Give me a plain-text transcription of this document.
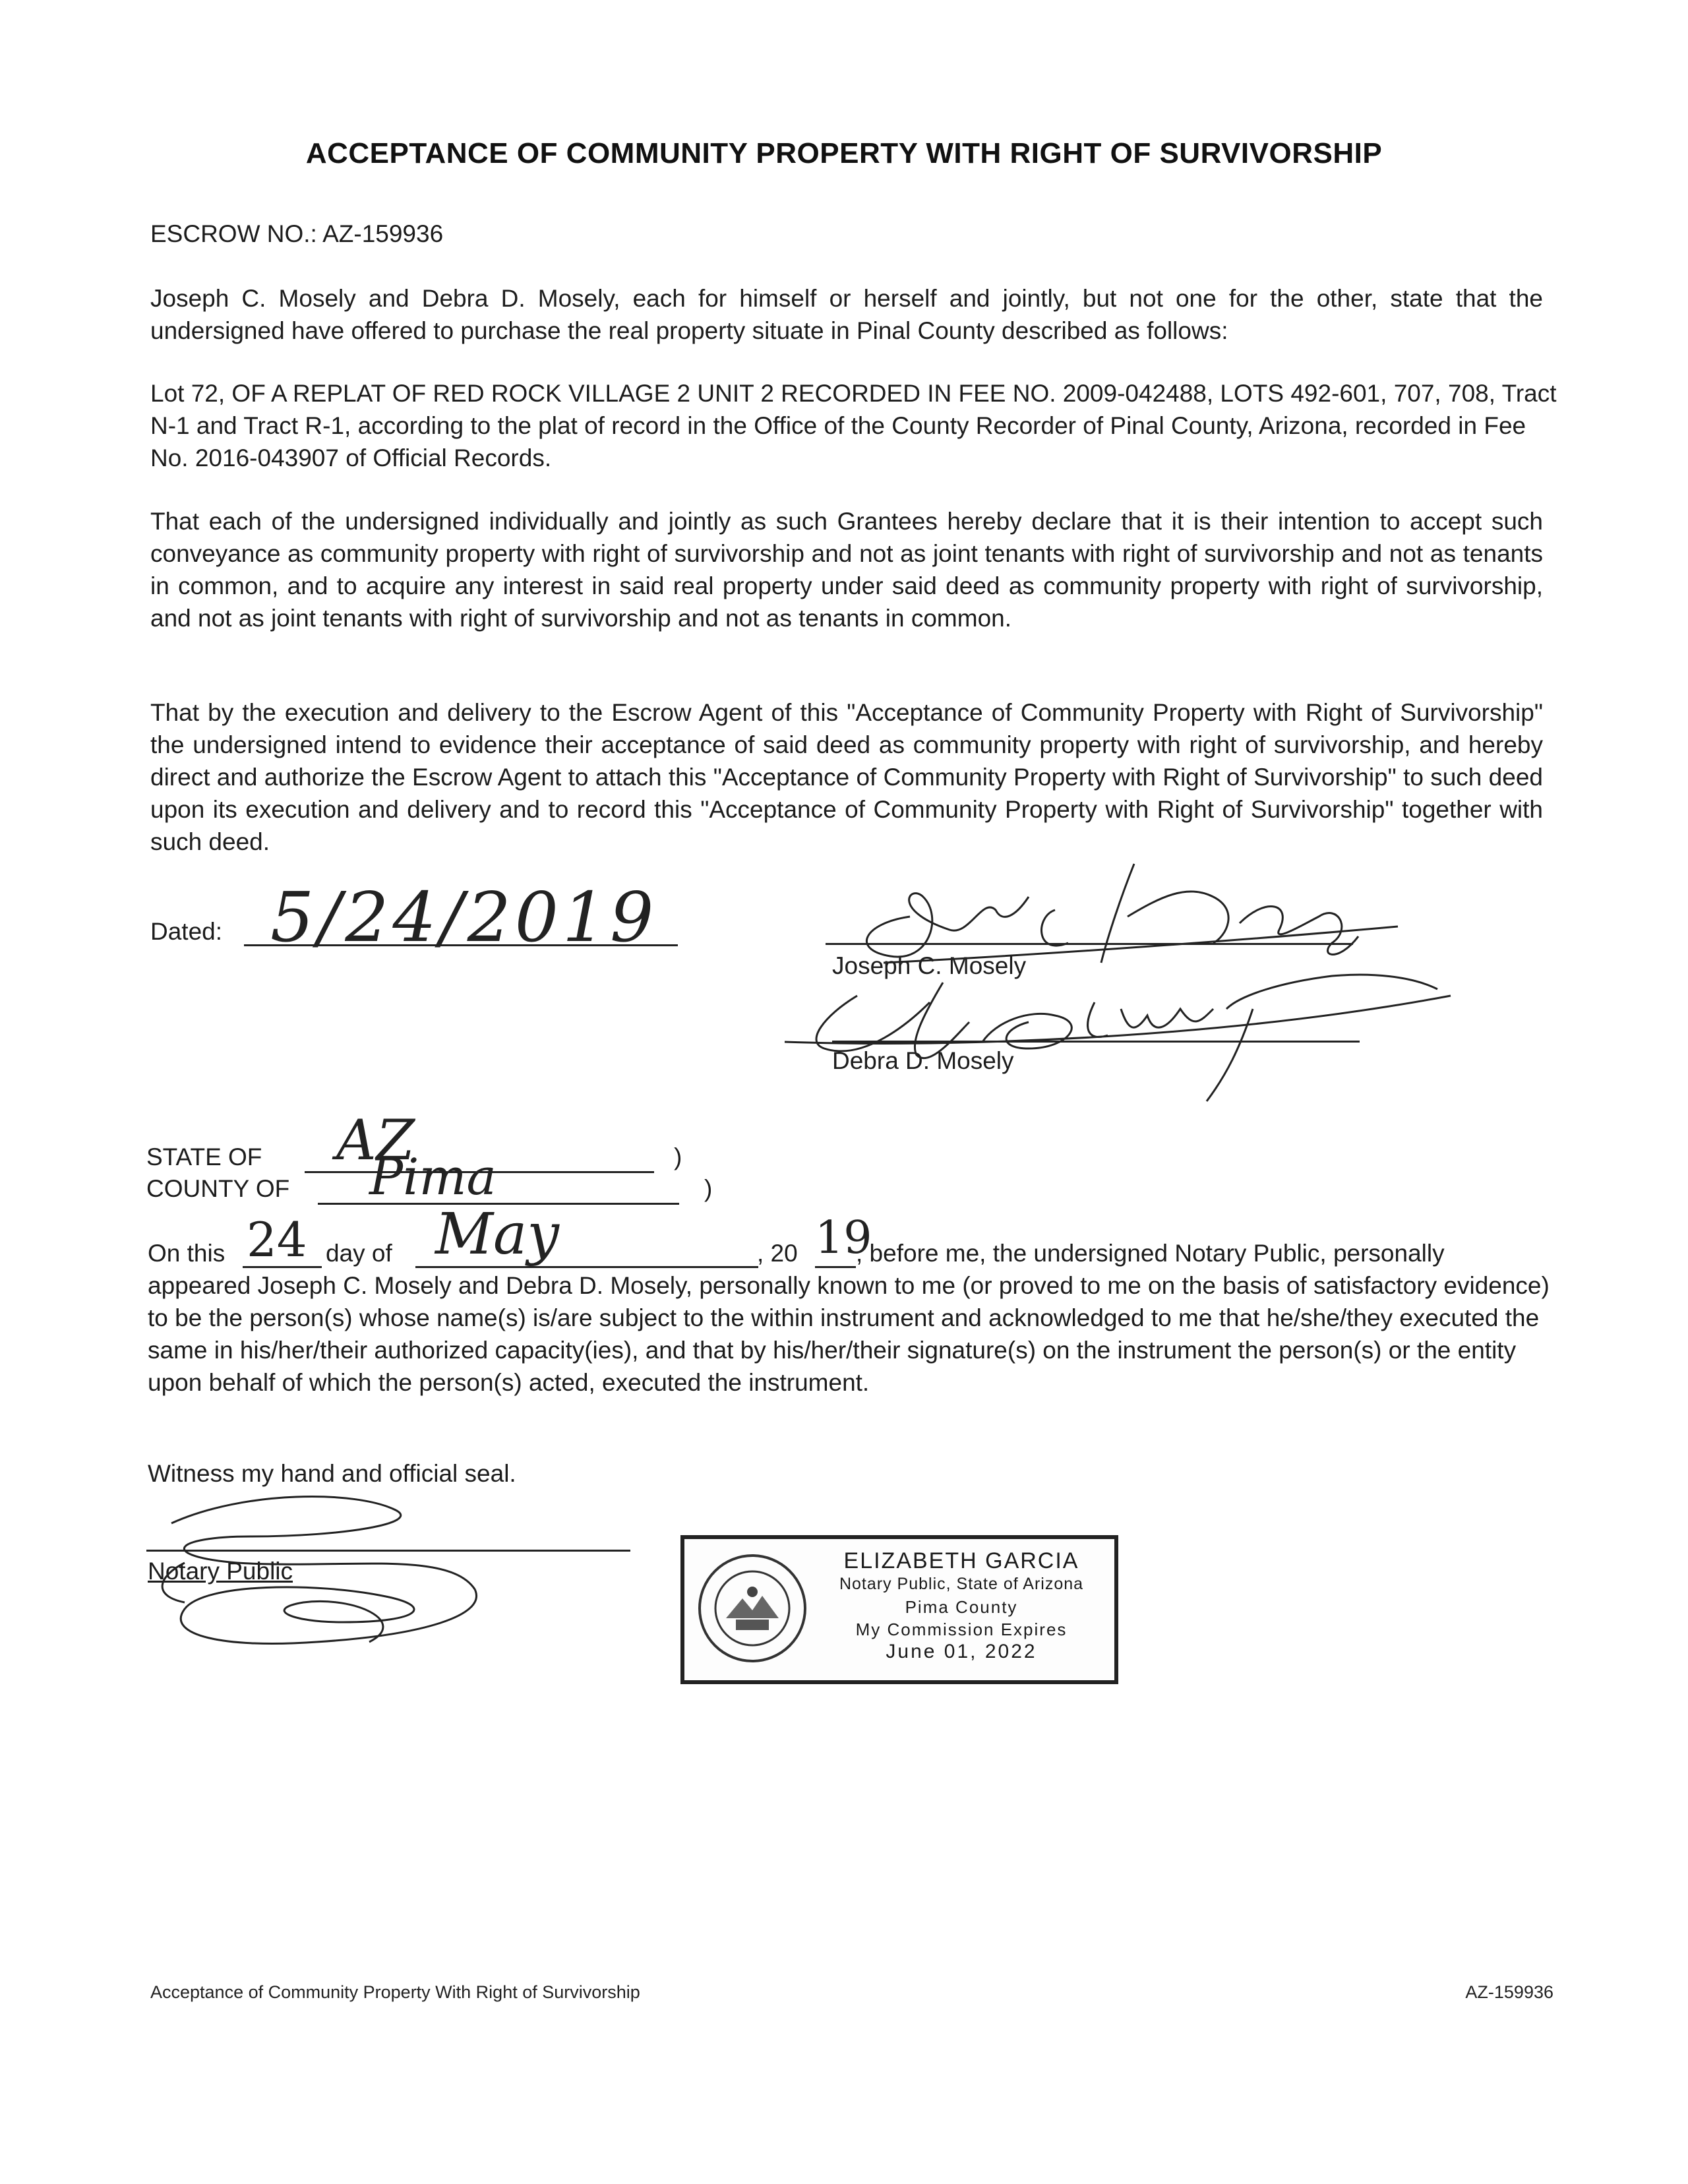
ACCEPTANCE OF COMMUNITY PROPERTY WITH RIGHT OF SURVIVORSHIP
ESCROW NO.: AZ-159936
Joseph C. Mosely and Debra D. Mosely, each for himself or herself and jointly, but not one for the other, state that the undersigned have offered to purchase the real property situate in Pinal County described as follows:
Lot 72, OF A REPLAT OF RED ROCK VILLAGE 2 UNIT 2 RECORDED IN FEE NO. 2009-042488, LOTS 492-601, 707, 708, Tract N-1 and Tract R-1, according to the plat of record in the Office of the County Recorder of Pinal County, Arizona, recorded in Fee No. 2016-043907 of Official Records.
That each of the undersigned individually and jointly as such Grantees hereby declare that it is their intention to accept such conveyance as community property with right of survivorship and not as joint tenants with right of survivorship and not as tenants in common, and to acquire any interest in said real property under said deed as community property with right of survivorship, and not as joint tenants with right of survivorship and not as tenants in common.
That by the execution and delivery to the Escrow Agent of this "Acceptance of Community Property with Right of Survivorship" the undersigned intend to evidence their acceptance of said deed as community property with right of survivorship, and hereby direct and authorize the Escrow Agent to attach this "Acceptance of Community Property with Right of Survivorship" to such deed upon its execution and delivery and to record this "Acceptance of Community Property with Right of Survivorship" together with such deed.
Dated: 5/24/2019
Joseph C. Mosely
Debra D. Mosely
STATE OF AZ	)
COUNTY OF Pima	)
On this 24 day of May	, 20 19
, before me, the undersigned Notary Public, personally
appeared Joseph C. Mosely and Debra D. Mosely, personally known to me (or proved to me on the basis of satisfactory evidence) to be the person(s) whose name(s) is/are subject to the within instrument and acknowledged to me that he/she/they executed the same in his/her/their authorized capacity(ies), and that by his/her/their signature(s) on the instrument the person(s) or the entity upon behalf of which the person(s) acted, executed the instrument.
Witness my hand and official seal.
Notary Public	ELIZABETH GARCIA
Notary Public, State of Arizona
Pima County
My Commission Expires
June 01, 2022
Acceptance of Community Property With Right of Survivorship	AZ-159936
